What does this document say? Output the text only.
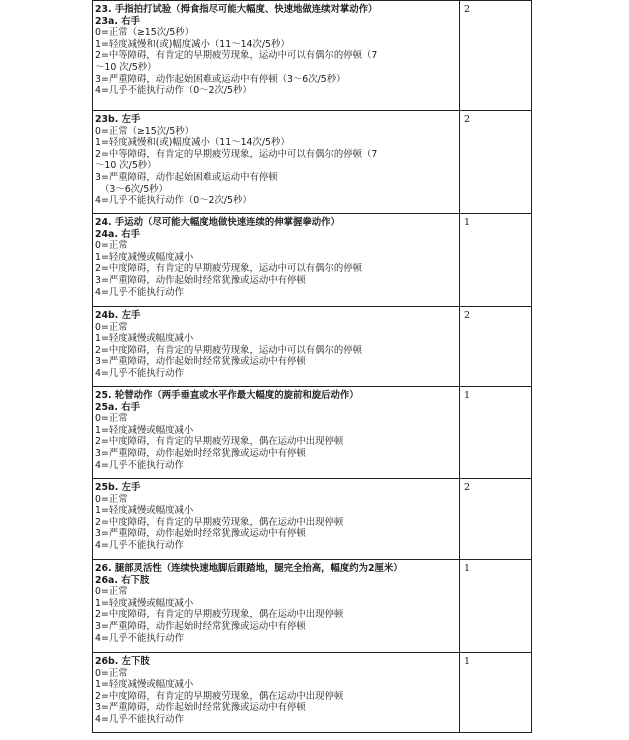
23. 手指拍打试验（拇食指尽可能大幅度、快速地做连续对掌动作）
23a. 右手
0=正常（≥15次/5秒）
1=轻度减慢和(或)幅度减小（11～14次/5秒）
2=中等障碍，有肯定的早期疲劳现象，运动中可以有偶尔的停顿（7
～10 次/5秒）
3=严重障碍，动作起始困难或运动中有停顿（3～6次/5秒）
4=几乎不能执行动作（0～2次/5秒）
2
23b. 左手
0=正常（≥15次/5秒）
1=轻度减慢和(或)幅度减小（11～14次/5秒）
2=中等障碍，有肯定的早期疲劳现象，运动中可以有偶尔的停顿（7
～10 次/5秒）
3=严重障碍，动作起始困难或运动中有停顿
（3～6次/5秒）
4=几乎不能执行动作（0～2次/5秒）
2
24. 手运动（尽可能大幅度地做快速连续的伸掌握拳动作）
24a. 右手
0=正常
1=轻度减慢或幅度减小
2=中度障碍，有肯定的早期疲劳现象，运动中可以有偶尔的停顿
3=严重障碍，动作起始时经常犹豫或运动中有停顿
4=几乎不能执行动作
1
24b. 左手
0=正常
1=轻度减慢或幅度减小
2=中度障碍，有肯定的早期疲劳现象，运动中可以有偶尔的停顿
3=严重障碍，动作起始时经常犹豫或运动中有停顿
4=几乎不能执行动作
2
25. 轮替动作（两手垂直或水平作最大幅度的旋前和旋后动作）
25a. 右手
0=正常
1=轻度减慢或幅度减小
2=中度障碍，有肯定的早期疲劳现象，偶在运动中出现停顿
3=严重障碍，动作起始时经常犹豫或运动中有停顿
4=几乎不能执行动作
1
25b. 左手
0=正常
1=轻度减慢或幅度减小
2=中度障碍，有肯定的早期疲劳现象，偶在运动中出现停顿
3=严重障碍，动作起始时经常犹豫或运动中有停顿
4=几乎不能执行动作
2
26. 腿部灵活性（连续快速地脚后跟踏地，腿完全抬高，幅度约为2厘米）
26a. 右下肢
0=正常
1=轻度减慢或幅度减小
2=中度障碍，有肯定的早期疲劳现象，偶在运动中出现停顿
3=严重障碍，动作起始时经常犹豫或运动中有停顿
4=几乎不能执行动作
1
26b. 左下肢
0=正常
1=轻度减慢或幅度减小
2=中度障碍，有肯定的早期疲劳现象，偶在运动中出现停顿
3=严重障碍，动作起始时经常犹豫或运动中有停顿
4=几乎不能执行动作
1
